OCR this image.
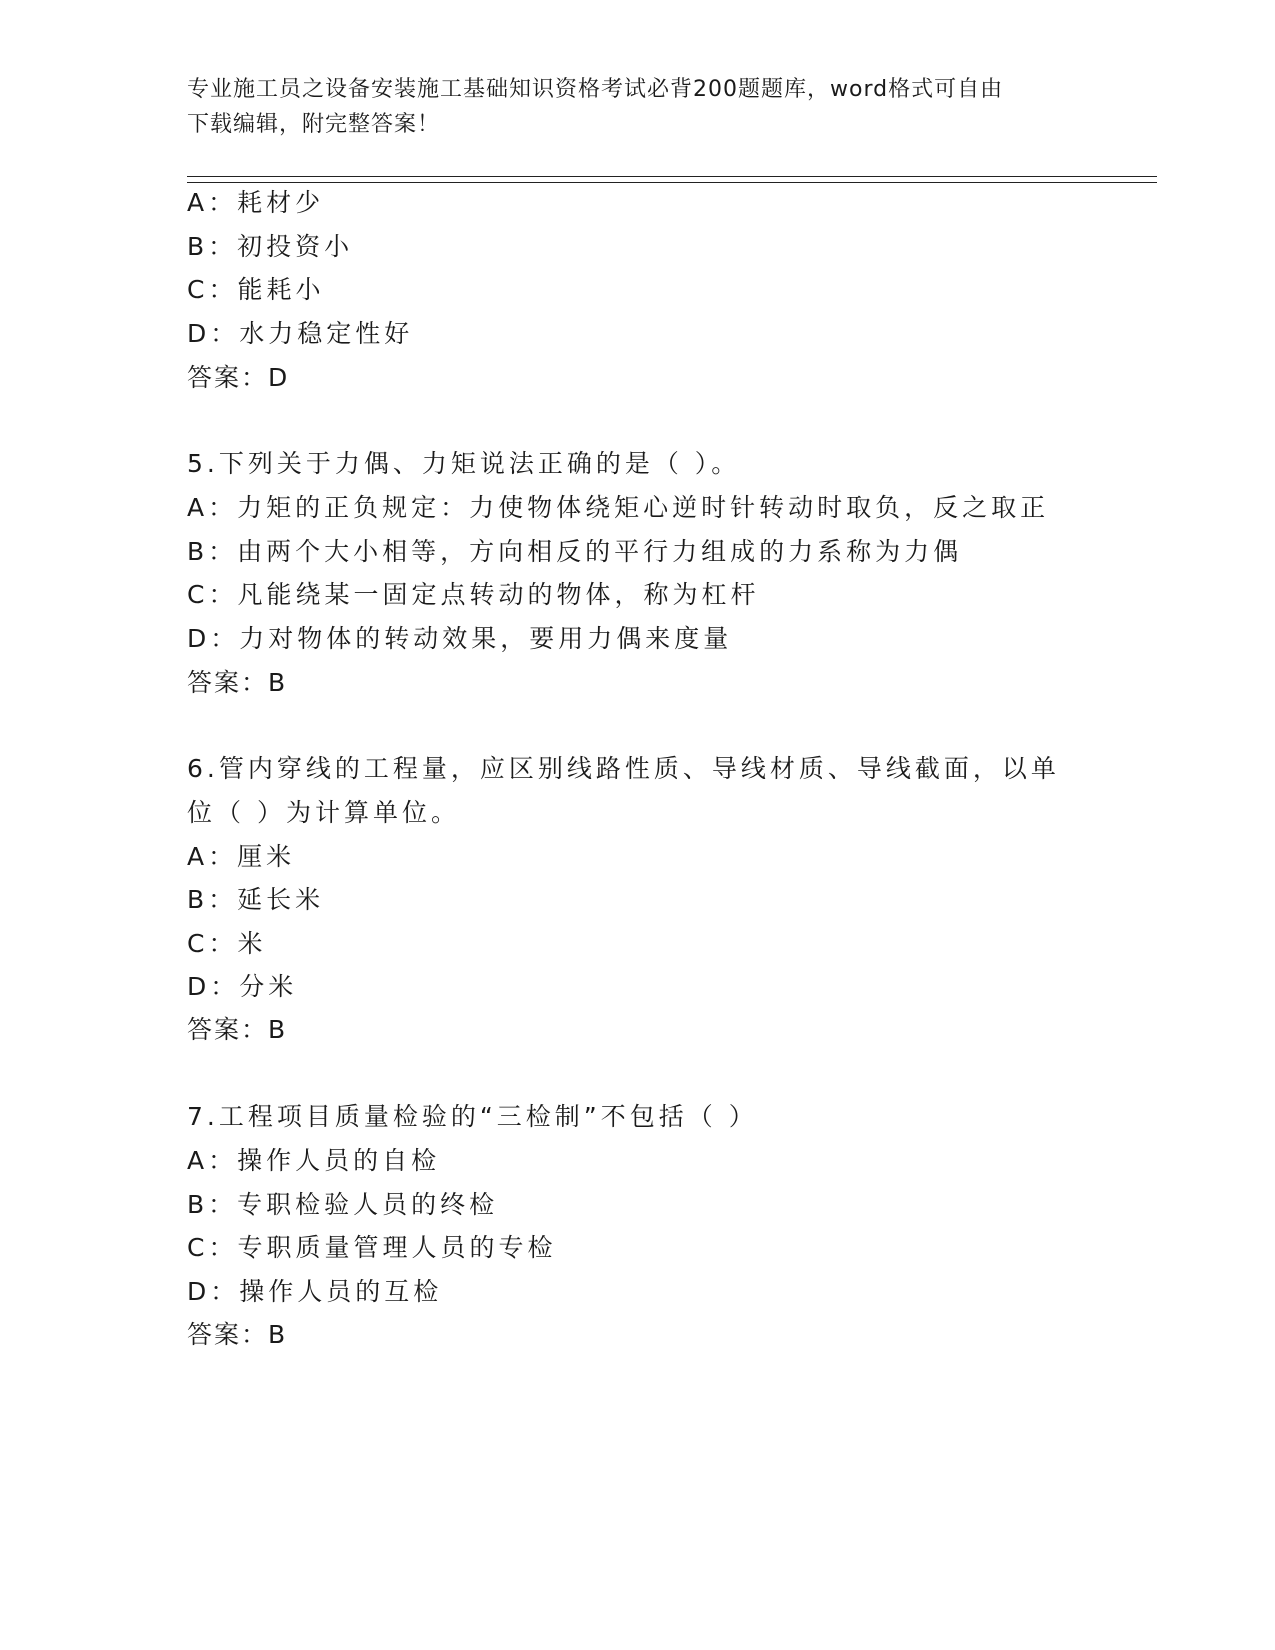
专业施工员之设备安装施工基础知识资格考试必背200题题库，word格式可自由
下载编辑，附完整答案！
A：耗材少
B：初投资小
C：能耗小
D：水力稳定性好
答案：D
5.下列关于力偶、力矩说法正确的是（ ）。
A：力矩的正负规定：力使物体绕矩心逆时针转动时取负，反之取正
B：由两个大小相等，方向相反的平行力组成的力系称为力偶
C：凡能绕某一固定点转动的物体，称为杠杆
D：力对物体的转动效果，要用力偶来度量
答案：B
6.管内穿线的工程量，应区别线路性质、导线材质、导线截面，以单
位（ ）为计算单位。
A：厘米
B：延长米
C：米
D：分米
答案：B
7.工程项目质量检验的“三检制”不包括（ ）
A：操作人员的自检
B：专职检验人员的终检
C：专职质量管理人员的专检
D：操作人员的互检
答案：B
